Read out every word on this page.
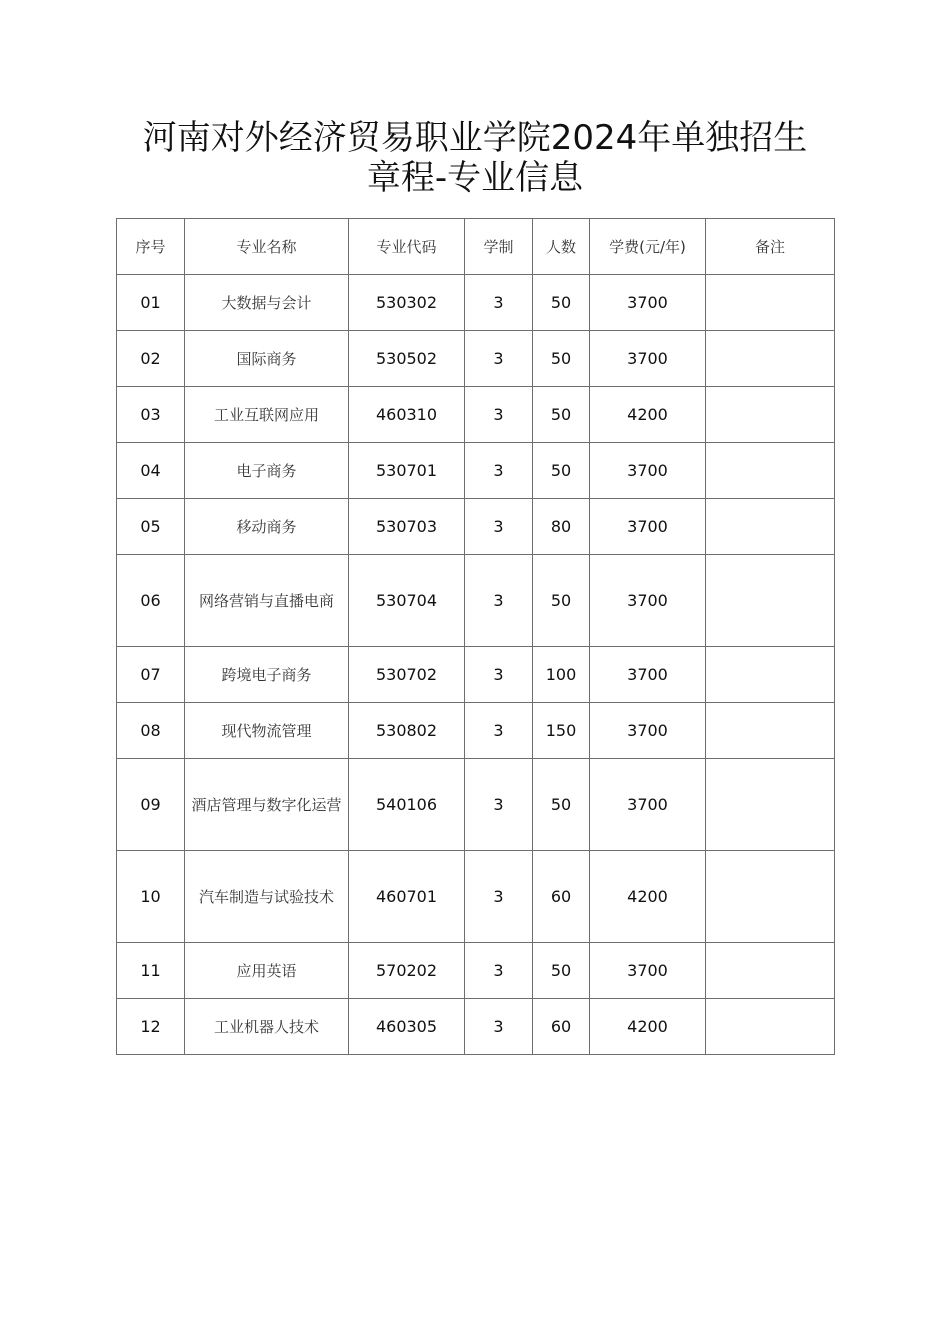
河南对外经济贸易职业学院2024年单独招生
章程-专业信息
序号	专业名称	专业代码	学制	人数	学费(元/年)	备注
01	大数据与会计	530302	3	50	3700	
02	国际商务	530502	3	50	3700	
03	工业互联网应用	460310	3	50	4200	
04	电子商务	530701	3	50	3700	
05	移动商务	530703	3	80	3700	
06	网络营销与直播电商	530704	3	50	3700	
07	跨境电子商务	530702	3	100	3700	
08	现代物流管理	530802	3	150	3700	
09	酒店管理与数字化运营	540106	3	50	3700	
10	汽车制造与试验技术	460701	3	60	4200	
11	应用英语	570202	3	50	3700	
12	工业机器人技术	460305	3	60	4200	
